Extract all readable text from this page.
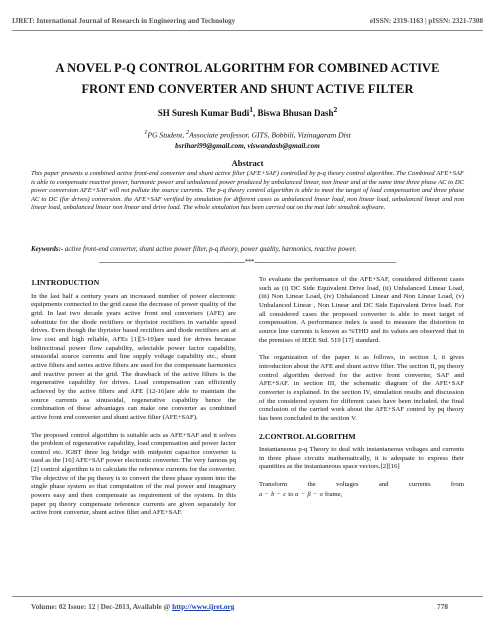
IJRET: International Journal of Research in Engineering and Technology	eISSN: 2319-1163 | pISSN: 2321-7308
A NOVEL P-Q CONTROL ALGORITHM FOR COMBINED ACTIVE
FRONT END CONVERTER AND SHUNT ACTIVE FILTER
SH Suresh Kumar Budi$^1$, Biswa Bhusan Dash$^2$
$^1$PG Student, $^2$Associate professor, GITS, Bobbili, Vizinagaram Dist
bsrihari99@gmail.com, viswandash@gmail.com
Abstract
This paper presents a combined active front-end converter and shunt active filter (AFE+SAF) controlled by p-q theory control algorithm. The Combined AFE+SAF is able to compensate reactive power, harmonic power and unbalanced power produced by unbalanced linear, non linear and at the same time three phase AC to DC power conversion AFE+SAF will not pollute the source currents. The p-q theory control algorithm is able to meet the target of load compensation and three phase AC to DC (for drives) conversion. the AFE+SAF verified by simulation for different cases as unbalanced linear load, non linear load, unbalanced linear and non linear load, unbalanced linear non linear and drive load. The whole simulation has been carried out on the mat lab/ simulink software.
Keywords:- active front-end converter, shunt active power filter, p-q theory, power quality, harmonics, reactive power.
-------------------------------------------------------------------------***-----------------------------------------------------------------------
1.INTRODUCTION

In the last half a century years an increased number of power electronic equipments connected to the grid cause the decrease of power quality of the grid. In last two decade years active front end converters (AFE) are substitute for the diode rectifiers or thyristor rectifiers in variable speed drives. Even though the thyristor based rectifiers and diode rectifiers are at low cost and high reliable, AFEs [1][3-10]are used for drives because bidirectional power flow capability, selectable power factor capability, sinusoidal source currents and line supply voltage capability etc., shunt active filters and series active filters are used for the compensate harmonics and reactive power at the grid. The drawback of the active filters is the regenerative capability for drives. Load compensation can efficiently achieved by the active filters and AFE [12-16]are able to maintain the source currents as sinusoidal, regenerative capability hence the combination of these advantages can make one converter as combined active front end converter and shunt active filter (AFE+SAF).

The proposed control algorithm is suitable acts as AFE+SAF and it solves the problem of regenerative capability, load compensation and power factor control etc. IGBT three leg bridge with midpoint capacitor converter is used as the [16] AFE+SAF power electronic converter. The very famous pq [2] control algorithm is to calculate the reference currents for the converter. The objective of the pq theory is to convert the three phase system into the single phase system so that computation of the real power and imaginary powers easy and then compensate as requirement of the system. In this paper pq theory compensate reference currents are given separately for active front converter, shunt active filter and AFE+SAF.

To evaluate the performance of the AFE+SAF, considered different cases such as (i) DC Side Equivalent Drive load, (ii) Unbalanced Linear Load, (iii) Non Linear Load, (iv) Unbalanced Linear and Non Linear Load, (v) Unbalanced Linear , Non Linear and DC Side Equivalent Drive load. For all considered cases the proposed converter is able to meet target of compensation. A performance index is used to measure the distortion in source line currents is known as %THD and its values are observed that in the premises of IEEE Std. 519 [17] standard.

The organization of the paper is as follows, in section I, it gives introduction about the AFE and shunt active filter. The section II, pq theory control algorithm derived for the active front converter, SAF and AFE+SAF. in section III, the schematic diagram of the AFE+SAF converter is explained. In the section IV, simulation results and discussion of the considered system for different cases have been included. the final conclusion of the carried work about the AFE+SAF control by pq theory has been concluded in the section V.

2.CONTROL ALGORITHM

Instantaneous p-q Theory to deal with instantaneous voltages and currents in three phase circuits mathematically, it is adequate to express their quantities as the instantaneous space vectors.[2][16]

Transform	the	voltages	and	currents	from
a − b − c to α − β − o frame,
Volume: 02 Issue: 12 | Dec-2013, Available @ http://www.ijret.org	778
